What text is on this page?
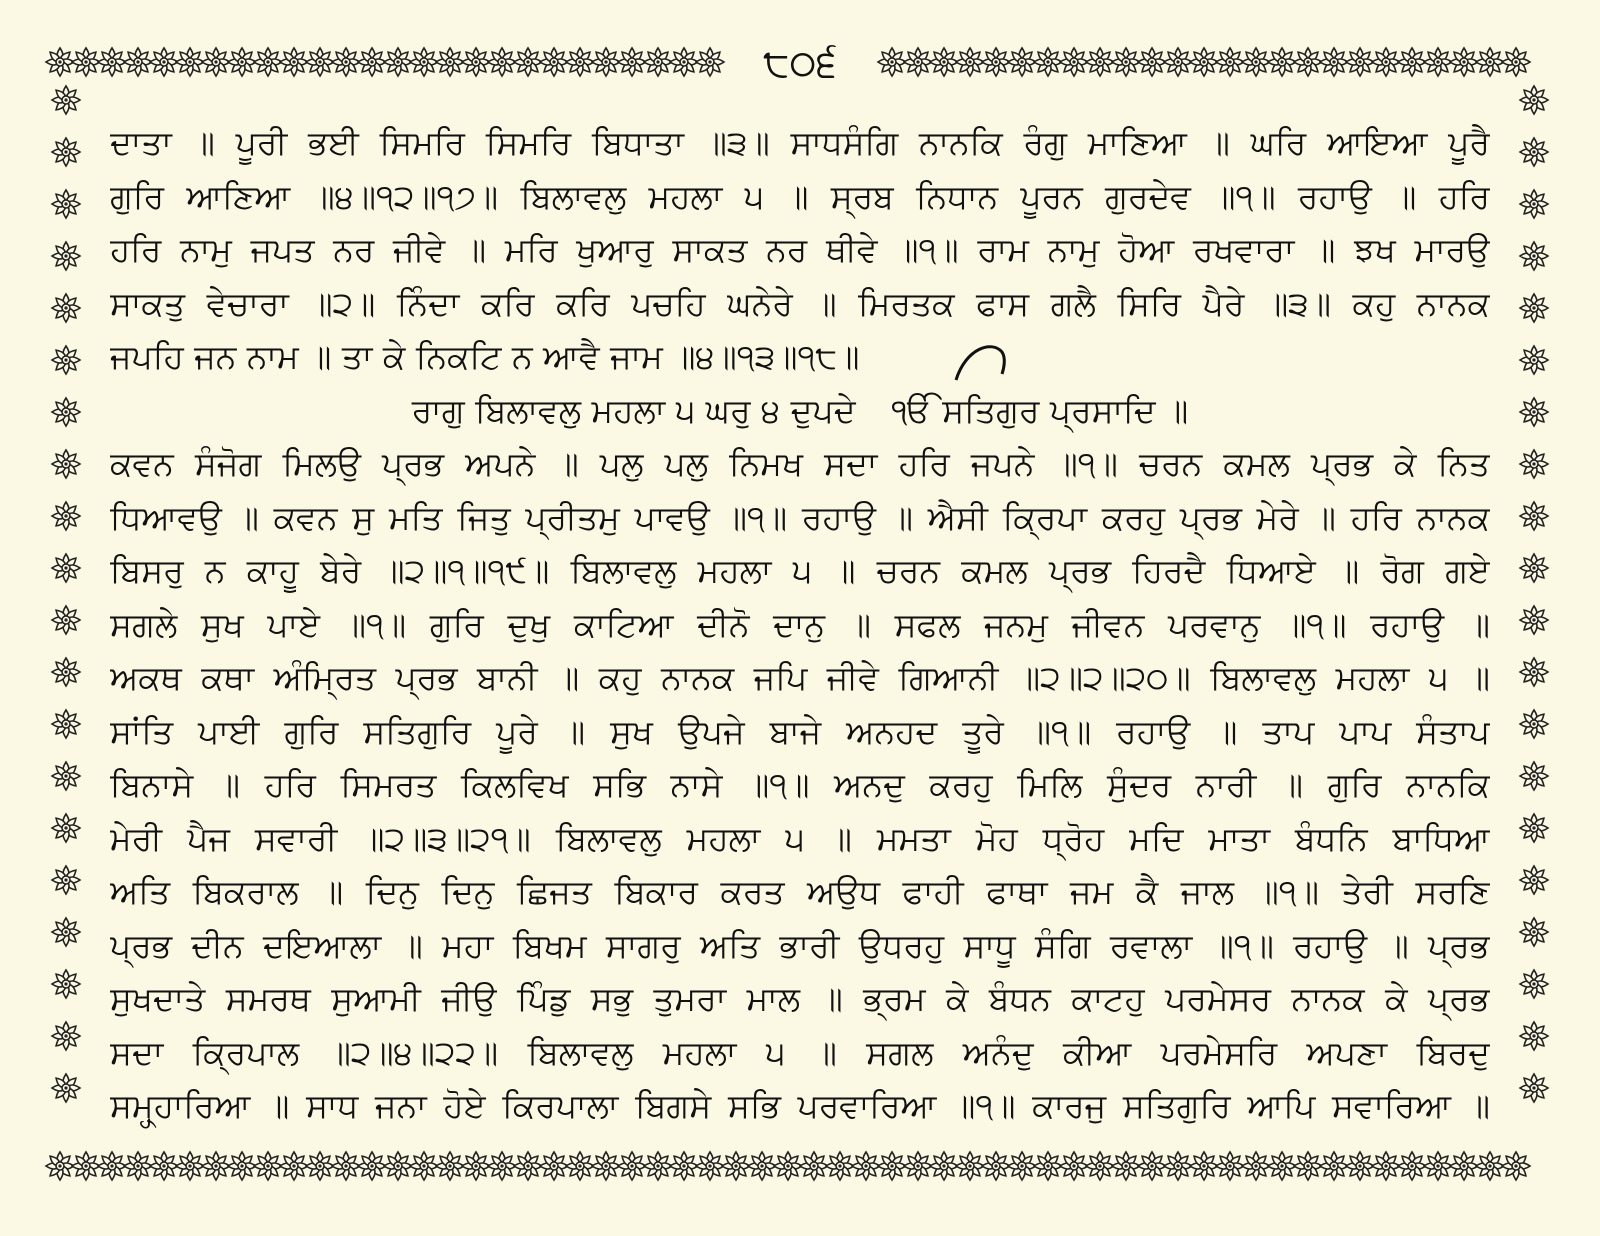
੮੦੬
ਦਾਤਾ ॥ ਪੂਰੀ ਭਈ ਸਿਮਰਿ ਸਿਮਰਿ ਬਿਧਾਤਾ ॥੩॥ ਸਾਧਸੰਗਿ ਨਾਨਕਿ ਰੰਗੁ ਮਾਣਿਆ ॥ ਘਰਿ ਆਇਆ ਪੂਰੈ
ਗੁਰਿ ਆਣਿਆ ॥੪॥੧੨॥੧੭॥ ਬਿਲਾਵਲੁ ਮਹਲਾ ੫ ॥ ਸ੍ਰਬ ਨਿਧਾਨ ਪੂਰਨ ਗੁਰਦੇਵ ॥੧॥ ਰਹਾਉ ॥ ਹਰਿ
ਹਰਿ ਨਾਮੁ ਜਪਤ ਨਰ ਜੀਵੇ ॥ ਮਰਿ ਖੁਆਰੁ ਸਾਕਤ ਨਰ ਥੀਵੇ ॥੧॥ ਰਾਮ ਨਾਮੁ ਹੋਆ ਰਖਵਾਰਾ ॥ ਝਖ ਮਾਰਉ
ਸਾਕਤੁ ਵੇਚਾਰਾ ॥੨॥ ਨਿੰਦਾ ਕਰਿ ਕਰਿ ਪਚਹਿ ਘਨੇਰੇ ॥ ਮਿਰਤਕ ਫਾਸ ਗਲੈ ਸਿਰਿ ਪੈਰੇ ॥੩॥ ਕਹੁ ਨਾਨਕ
ਜਪਹਿ ਜਨ ਨਾਮ ॥ ਤਾ ਕੇ ਨਿਕਟਿ ਨ ਆਵੈ ਜਾਮ ॥੪॥੧੩॥੧੮॥
ਰਾਗੁ ਬਿਲਾਵਲੁ ਮਹਲਾ ੫ ਘਰੁ ੪ ਦੁਪਦੇ ੴ ਸਤਿਗੁਰ ਪ੍ਰਸਾਦਿ ॥
ਕਵਨ ਸੰਜੋਗ ਮਿਲਉ ਪ੍ਰਭ ਅਪਨੇ ॥ ਪਲੁ ਪਲੁ ਨਿਮਖ ਸਦਾ ਹਰਿ ਜਪਨੇ ॥੧॥ ਚਰਨ ਕਮਲ ਪ੍ਰਭ ਕੇ ਨਿਤ
ਧਿਆਵਉ ॥ ਕਵਨ ਸੁ ਮਤਿ ਜਿਤੁ ਪ੍ਰੀਤਮੁ ਪਾਵਉ ॥੧॥ ਰਹਾਉ ॥ ਐਸੀ ਕ੍ਰਿਪਾ ਕਰਹੁ ਪ੍ਰਭ ਮੇਰੇ ॥ ਹਰਿ ਨਾਨਕ
ਬਿਸਰੁ ਨ ਕਾਹੂ ਬੇਰੇ ॥੨॥੧॥੧੯॥ ਬਿਲਾਵਲੁ ਮਹਲਾ ੫ ॥ ਚਰਨ ਕਮਲ ਪ੍ਰਭ ਹਿਰਦੈ ਧਿਆਏ ॥ ਰੋਗ ਗਏ
ਸਗਲੇ ਸੁਖ ਪਾਏ ॥੧॥ ਗੁਰਿ ਦੁਖੁ ਕਾਟਿਆ ਦੀਨੋ ਦਾਨੁ ॥ ਸਫਲ ਜਨਮੁ ਜੀਵਨ ਪਰਵਾਨੁ ॥੧॥ ਰਹਾਉ ॥
ਅਕਥ ਕਥਾ ਅੰਮ੍ਰਿਤ ਪ੍ਰਭ ਬਾਨੀ ॥ ਕਹੁ ਨਾਨਕ ਜਪਿ ਜੀਵੇ ਗਿਆਨੀ ॥੨॥੨॥੨੦॥ ਬਿਲਾਵਲੁ ਮਹਲਾ ੫ ॥
ਸਾਂਤਿ ਪਾਈ ਗੁਰਿ ਸਤਿਗੁਰਿ ਪੂਰੇ ॥ ਸੁਖ ਉਪਜੇ ਬਾਜੇ ਅਨਹਦ ਤੂਰੇ ॥੧॥ ਰਹਾਉ ॥ ਤਾਪ ਪਾਪ ਸੰਤਾਪ
ਬਿਨਾਸੇ ॥ ਹਰਿ ਸਿਮਰਤ ਕਿਲਵਿਖ ਸਭਿ ਨਾਸੇ ॥੧॥ ਅਨਦੁ ਕਰਹੁ ਮਿਲਿ ਸੁੰਦਰ ਨਾਰੀ ॥ ਗੁਰਿ ਨਾਨਕਿ
ਮੇਰੀ ਪੈਜ ਸਵਾਰੀ ॥੨॥੩॥੨੧॥ ਬਿਲਾਵਲੁ ਮਹਲਾ ੫ ॥ ਮਮਤਾ ਮੋਹ ਧ੍ਰੋਹ ਮਦਿ ਮਾਤਾ ਬੰਧਨਿ ਬਾਧਿਆ
ਅਤਿ ਬਿਕਰਾਲ ॥ ਦਿਨੁ ਦਿਨੁ ਛਿਜਤ ਬਿਕਾਰ ਕਰਤ ਅਉਧ ਫਾਹੀ ਫਾਥਾ ਜਮ ਕੈ ਜਾਲ ॥੧॥ ਤੇਰੀ ਸਰਣਿ
ਪ੍ਰਭ ਦੀਨ ਦਇਆਲਾ ॥ ਮਹਾ ਬਿਖਮ ਸਾਗਰੁ ਅਤਿ ਭਾਰੀ ਉਧਰਹੁ ਸਾਧੂ ਸੰਗਿ ਰਵਾਲਾ ॥੧॥ ਰਹਾਉ ॥ ਪ੍ਰਭ
ਸੁਖਦਾਤੇ ਸਮਰਥ ਸੁਆਮੀ ਜੀਉ ਪਿੰਡੁ ਸਭੁ ਤੁਮਰਾ ਮਾਲ ॥ ਭ੍ਰਮ ਕੇ ਬੰਧਨ ਕਾਟਹੁ ਪਰਮੇਸਰ ਨਾਨਕ ਕੇ ਪ੍ਰਭ
ਸਦਾ ਕ੍ਰਿਪਾਲ ॥੨॥੪॥੨੨॥ ਬਿਲਾਵਲੁ ਮਹਲਾ ੫ ॥ ਸਗਲ ਅਨੰਦੁ ਕੀਆ ਪਰਮੇਸਰਿ ਅਪਣਾ ਬਿਰਦੁ
ਸਮ੍ਹ੍ਹਾਰਿਆ ॥ ਸਾਧ ਜਨਾ ਹੋਏ ਕਿਰਪਾਲਾ ਬਿਗਸੇ ਸਭਿ ਪਰਵਾਰਿਆ ॥੧॥ ਕਾਰਜੁ ਸਤਿਗੁਰਿ ਆਪਿ ਸਵਾਰਿਆ ॥
